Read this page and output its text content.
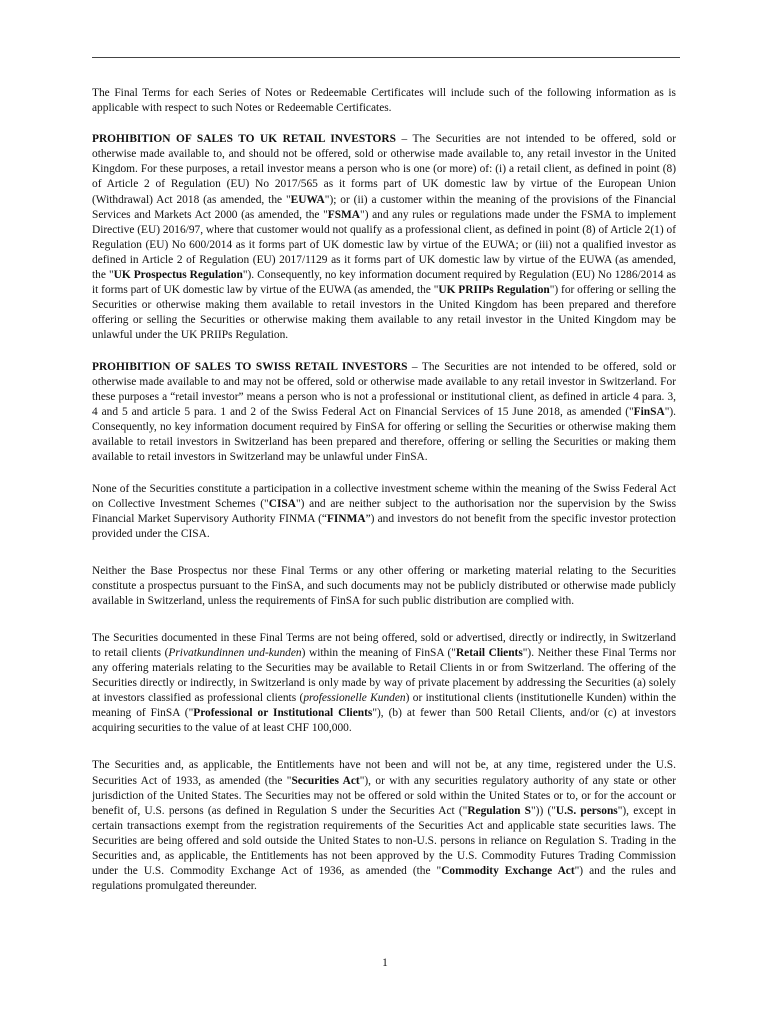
The Final Terms for each Series of Notes or Redeemable Certificates will include such of the following information as is applicable with respect to such Notes or Redeemable Certificates.

PROHIBITION OF SALES TO UK RETAIL INVESTORS – The Securities are not intended to be offered, sold or otherwise made available to, and should not be offered, sold or otherwise made available to, any retail investor in the United Kingdom. For these purposes, a retail investor means a person who is one (or more) of: (i) a retail client, as defined in point (8) of Article 2 of Regulation (EU) No 2017/565 as it forms part of UK domestic law by virtue of the European Union (Withdrawal) Act 2018 (as amended, the "EUWA"); or (ii) a customer within the meaning of the provisions of the Financial Services and Markets Act 2000 (as amended, the "FSMA") and any rules or regulations made under the FSMA to implement Directive (EU) 2016/97, where that customer would not qualify as a professional client, as defined in point (8) of Article 2(1) of Regulation (EU) No 600/2014 as it forms part of UK domestic law by virtue of the EUWA; or (iii) not a qualified investor as defined in Article 2 of Regulation (EU) 2017/1129 as it forms part of UK domestic law by virtue of the EUWA (as amended, the "UK Prospectus Regulation"). Consequently, no key information document required by Regulation (EU) No 1286/2014 as it forms part of UK domestic law by virtue of the EUWA (as amended, the "UK PRIIPs Regulation") for offering or selling the Securities or otherwise making them available to retail investors in the United Kingdom has been prepared and therefore offering or selling the Securities or otherwise making them available to any retail investor in the United Kingdom may be unlawful under the UK PRIIPs Regulation.

PROHIBITION OF SALES TO SWISS RETAIL INVESTORS – The Securities are not intended to be offered, sold or otherwise made available to and may not be offered, sold or otherwise made available to any retail investor in Switzerland. For these purposes a “retail investor” means a person who is not a professional or institutional client, as defined in article 4 para. 3, 4 and 5 and article 5 para. 1 and 2 of the Swiss Federal Act on Financial Services of 15 June 2018, as amended ("FinSA"). Consequently, no key information document required by FinSA for offering or selling the Securities or otherwise making them available to retail investors in Switzerland has been prepared and therefore, offering or selling the Securities or making them available to retail investors in Switzerland may be unlawful under FinSA.

None of the Securities constitute a participation in a collective investment scheme within the meaning of the Swiss Federal Act on Collective Investment Schemes ("CISA") and are neither subject to the authorisation nor the supervision by the Swiss Financial Market Supervisory Authority FINMA (“FINMA”) and investors do not benefit from the specific investor protection provided under the CISA.

Neither the Base Prospectus nor these Final Terms or any other offering or marketing material relating to the Securities constitute a prospectus pursuant to the FinSA, and such documents may not be publicly distributed or otherwise made publicly available in Switzerland, unless the requirements of FinSA for such public distribution are complied with.

The Securities documented in these Final Terms are not being offered, sold or advertised, directly or indirectly, in Switzerland to retail clients (Privatkundinnen und-kunden) within the meaning of FinSA ("Retail Clients"). Neither these Final Terms nor any offering materials relating to the Securities may be available to Retail Clients in or from Switzerland. The offering of the Securities directly or indirectly, in Switzerland is only made by way of private placement by addressing the Securities (a) solely at investors classified as professional clients (professionelle Kunden) or institutional clients (institutionelle Kunden) within the meaning of FinSA ("Professional or Institutional Clients"), (b) at fewer than 500 Retail Clients, and/or (c) at investors acquiring securities to the value of at least CHF 100,000.

The Securities and, as applicable, the Entitlements have not been and will not be, at any time, registered under the U.S. Securities Act of 1933, as amended (the "Securities Act"), or with any securities regulatory authority of any state or other jurisdiction of the United States. The Securities may not be offered or sold within the United States or to, or for the account or benefit of, U.S. persons (as defined in Regulation S under the Securities Act ("Regulation S")) ("U.S. persons"), except in certain transactions exempt from the registration requirements of the Securities Act and applicable state securities laws. The Securities are being offered and sold outside the United States to non-U.S. persons in reliance on Regulation S. Trading in the Securities and, as applicable, the Entitlements has not been approved by the U.S. Commodity Futures Trading Commission under the U.S. Commodity Exchange Act of 1936, as amended (the "Commodity Exchange Act") and the rules and regulations promulgated thereunder.

1
